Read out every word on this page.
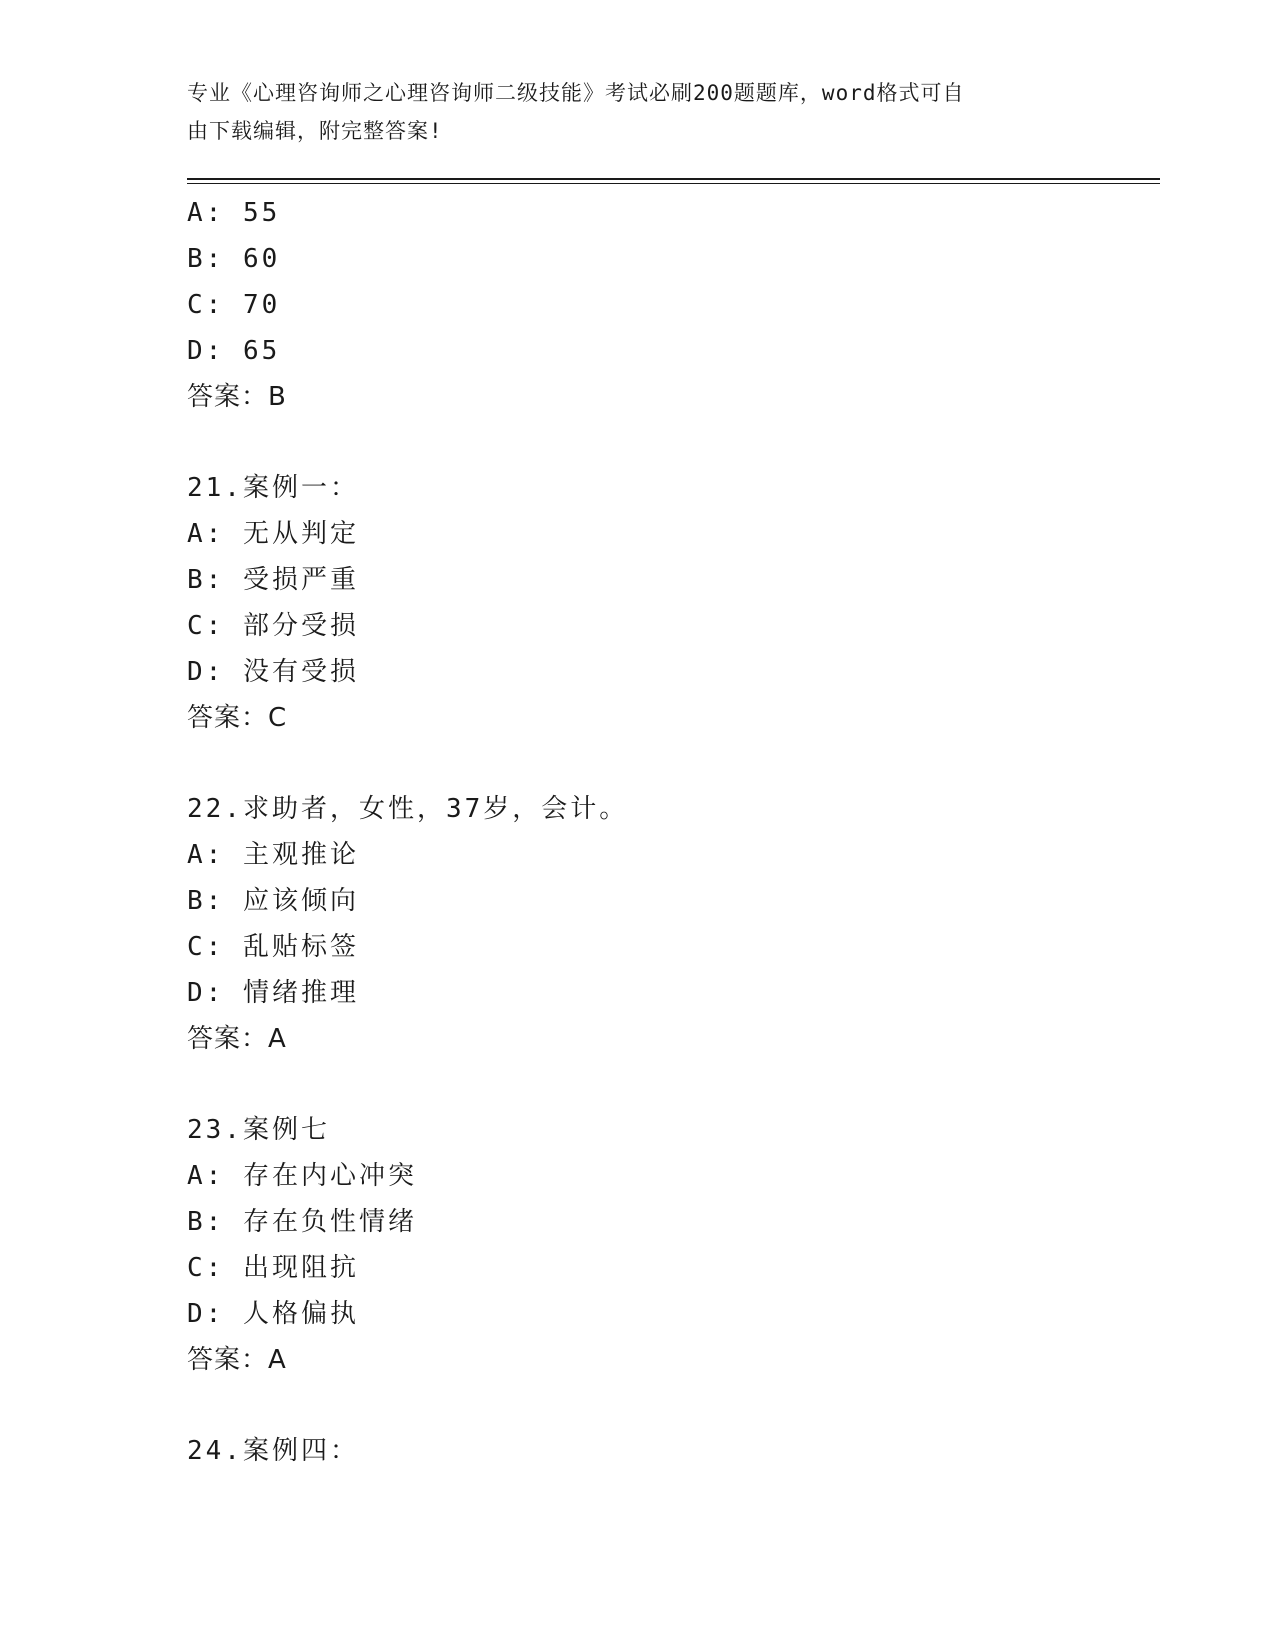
专业《心理咨询师之心理咨询师二级技能》考试必刷200题题库，word格式可自
由下载编辑，附完整答案!
A: 55
B: 60
C: 70
D: 65
答案：B
21.案例一：
A: 无从判定
B: 受损严重
C: 部分受损
D: 没有受损
答案：C
22.求助者，女性，37岁，会计。
A: 主观推论
B: 应该倾向
C: 乱贴标签
D: 情绪推理
答案：A
23.案例七
A: 存在内心冲突
B: 存在负性情绪
C: 出现阻抗
D: 人格偏执
答案：A
24.案例四：
